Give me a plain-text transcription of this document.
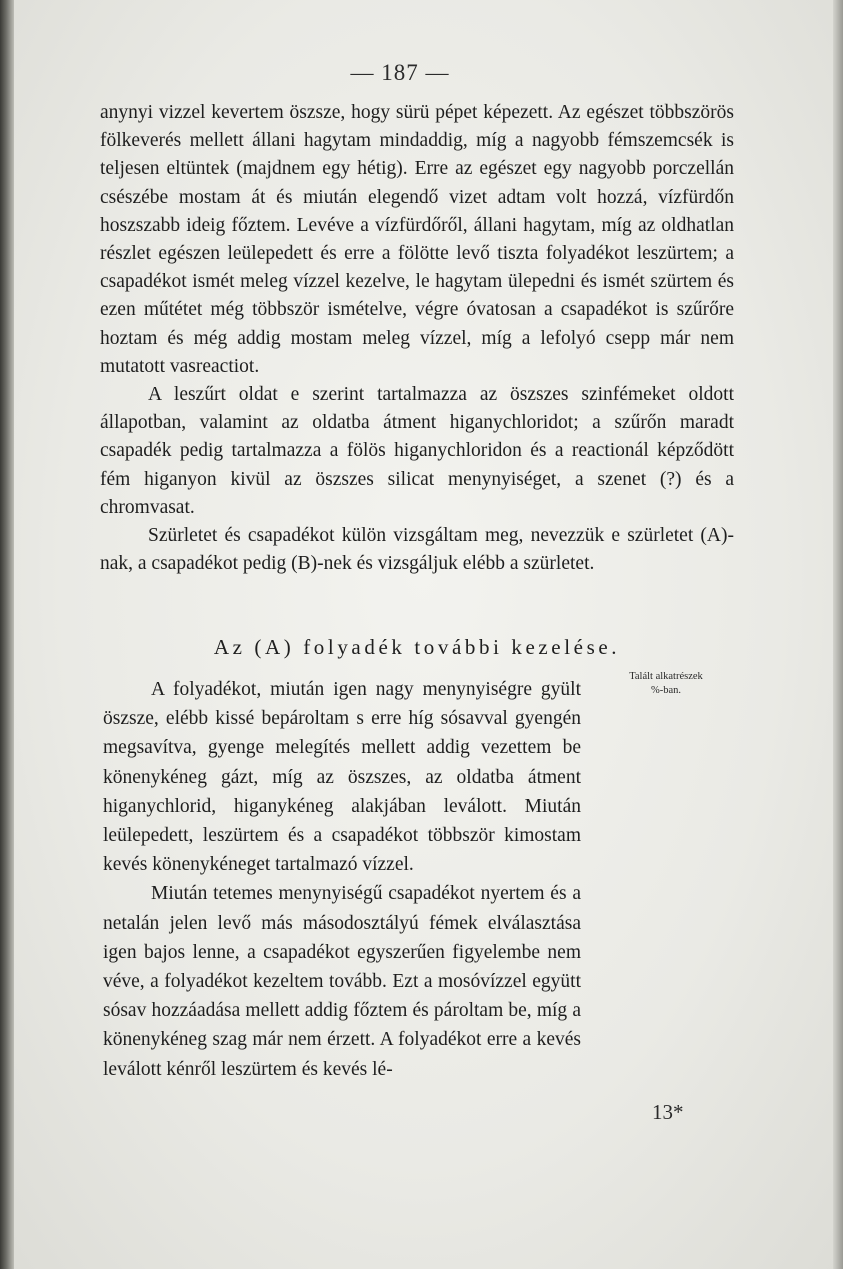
— 187 —

anynyi vizzel kevertem öszsze, hogy sürü pépet képezett. Az egészet többszörös fölkeverés mellett állani hagytam mindaddig, míg a nagyobb fémszemcsék is teljesen eltüntek (majdnem egy hétig). Erre az egészet egy nagyobb porczellán csészébe mostam át és miután elegendő vizet adtam volt hozzá, vízfürdőn hoszszabb ideig főztem. Levéve a vízfürdőről, állani hagytam, míg az oldhatlan részlet egészen leülepedett és erre a fölötte levő tiszta folyadékot leszürtem; a csapadékot ismét meleg vízzel kezelve, le hagytam ülepedni és ismét szürtem és ezen műtétet még többször ismételve, végre óvatosan a csapadékot is szűrőre hoztam és még addig mostam meleg vízzel, míg a lefolyó csepp már nem mutatott vasreactiot.

A leszűrt oldat e szerint tartalmazza az öszszes szinfémeket oldott állapotban, valamint az oldatba átment higanychloridot; a szűrőn maradt csapadék pedig tartalmazza a fölös higanychloridon és a reactionál képződött fém higanyon kivül az öszszes silicat menynyiséget, a szenet (?) és a chromvasat.

Szürletet és csapadékot külön vizsgáltam meg, nevezzük e szürletet (A)-nak, a csapadékot pedig (B)-nek és vizsgáljuk elébb a szürletet.

Az (A) folyadék további kezelése.
Talált alkatrészek
%-ban.

A folyadékot, miután igen nagy menynyiségre gyült öszsze, elébb kissé bepároltam s erre híg sósavval gyengén megsavítva, gyenge melegítés mellett addig vezettem be könenykéneg gázt, míg az öszszes, az oldatba átment higanychlorid, higanykéneg alakjában leválott. Miután leülepedett, leszürtem és a csapadékot többször kimostam kevés könenykéneget tartalmazó vízzel.

Miután tetemes menynyiségű csapadékot nyertem és a netalán jelen levő más másodosztályú fémek elválasztása igen bajos lenne, a csapadékot egyszerűen figyelembe nem véve, a folyadékot kezeltem tovább. Ezt a mosóvízzel együtt sósav hozzáadása mellett addig főztem és pároltam be, míg a könenykéneg szag már nem érzett. A folyadékot erre a kevés leválott kénről leszürtem és kevés lé-

13*
